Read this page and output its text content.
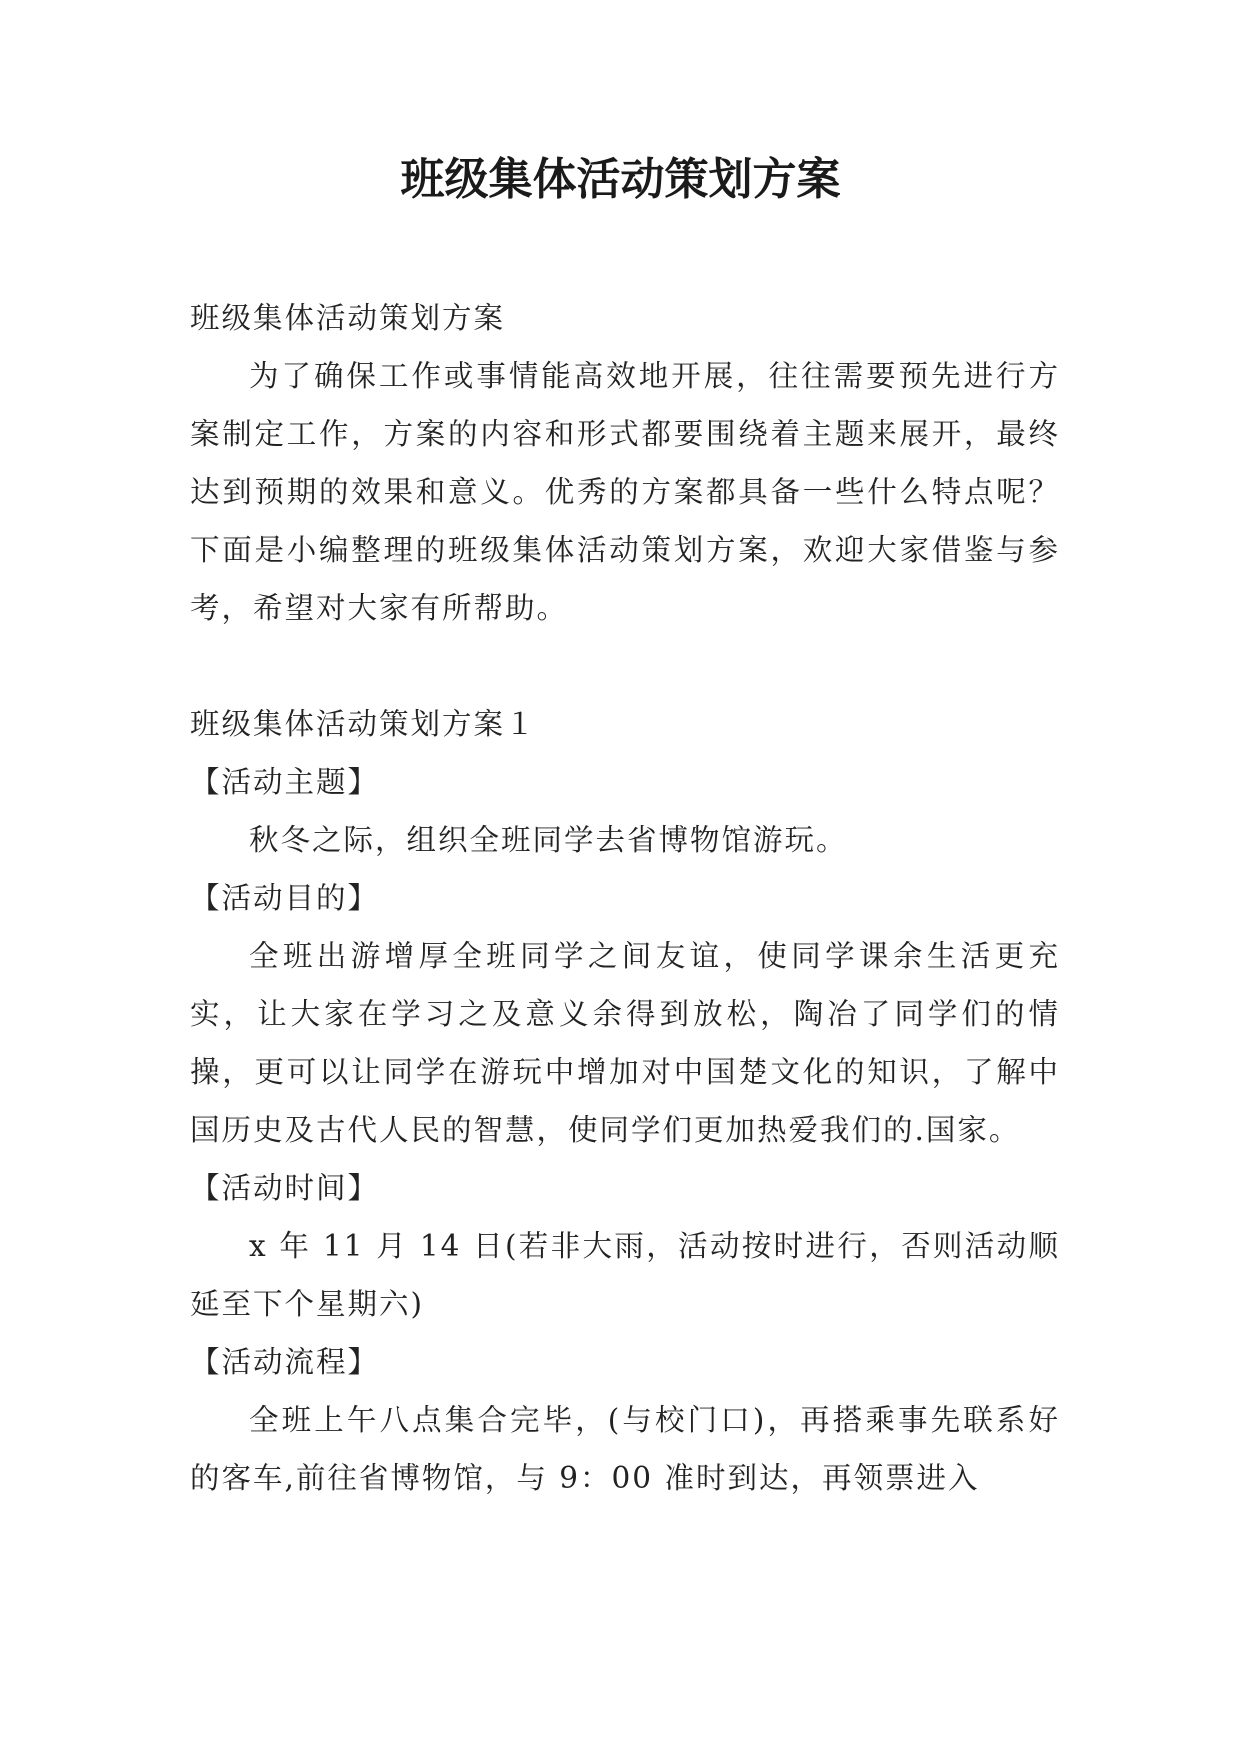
班级集体活动策划方案

班级集体活动策划方案

为了确保工作或事情能高效地开展，往往需要预先进行方案制定工作，方案的内容和形式都要围绕着主题来展开，最终达到预期的效果和意义。优秀的方案都具备一些什么特点呢？下面是小编整理的班级集体活动策划方案，欢迎大家借鉴与参考，希望对大家有所帮助。

班级集体活动策划方案１

【活动主题】

秋冬之际，组织全班同学去省博物馆游玩。

【活动目的】

全班出游增厚全班同学之间友谊，使同学课余生活更充实，让大家在学习之及意义余得到放松，陶冶了同学们的情操，更可以让同学在游玩中增加对中国楚文化的知识，了解中国历史及古代人民的智慧，使同学们更加热爱我们的.国家。

【活动时间】

x 年 11 月 14 日(若非大雨，活动按时进行，否则活动顺延至下个星期六)

【活动流程】

全班上午八点集合完毕，(与校门口)，再搭乘事先联系好的客车,前往省博物馆，与 9：00 准时到达，再领票进入
